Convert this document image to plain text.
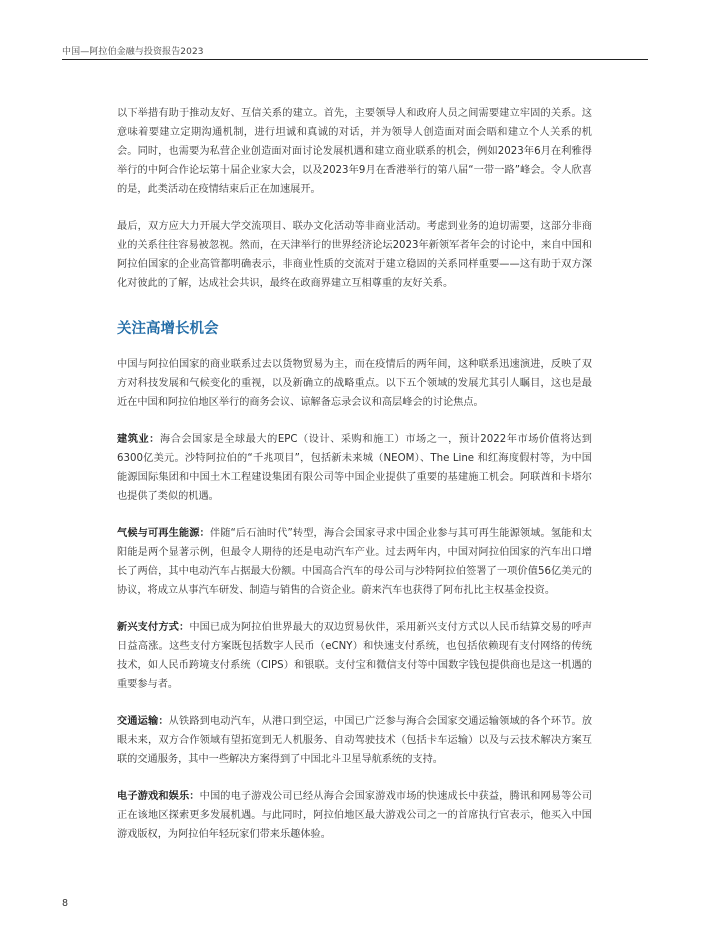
中国—阿拉伯金融与投资报告2023

以下举措有助于推动友好、互信关系的建立。首先，主要领导人和政府人员之间需要建立牢固的关系。这意味着要建立定期沟通机制，进行坦诚和真诚的对话，并为领导人创造面对面会晤和建立个人关系的机会。同时，也需要为私营企业创造面对面讨论发展机遇和建立商业联系的机会，例如2023年6月在利雅得举行的中阿合作论坛第十届企业家大会，以及2023年9月在香港举行的第八届“一带一路”峰会。令人欣喜的是，此类活动在疫情结束后正在加速展开。

最后，双方应大力开展大学交流项目、联办文化活动等非商业活动。考虑到业务的迫切需要，这部分非商业的关系往往容易被忽视。然而，在天津举行的世界经济论坛2023年新领军者年会的讨论中，来自中国和阿拉伯国家的企业高管都明确表示，非商业性质的交流对于建立稳固的关系同样重要——这有助于双方深化对彼此的了解，达成社会共识，最终在政商界建立互相尊重的友好关系。

关注高增长机会

中国与阿拉伯国家的商业联系过去以货物贸易为主，而在疫情后的两年间，这种联系迅速演进，反映了双方对科技发展和气候变化的重视，以及新确立的战略重点。以下五个领域的发展尤其引人瞩目，这也是最近在中国和阿拉伯地区举行的商务会议、谅解备忘录会议和高层峰会的讨论焦点。

建筑业：海合会国家是全球最大的EPC（设计、采购和施工）市场之一，预计2022年市场价值将达到6300亿美元。沙特阿拉伯的“千兆项目”，包括新未来城（NEOM）、The Line 和红海度假村等，为中国能源国际集团和中国土木工程建设集团有限公司等中国企业提供了重要的基建施工机会。阿联酋和卡塔尔也提供了类似的机遇。

气候与可再生能源：伴随“后石油时代”转型，海合会国家寻求中国企业参与其可再生能源领域。氢能和太阳能是两个显著示例，但最令人期待的还是电动汽车产业。过去两年内，中国对阿拉伯国家的汽车出口增长了两倍，其中电动汽车占据最大份额。中国高合汽车的母公司与沙特阿拉伯签署了一项价值56亿美元的协议，将成立从事汽车研发、制造与销售的合资企业。蔚来汽车也获得了阿布扎比主权基金投资。

新兴支付方式：中国已成为阿拉伯世界最大的双边贸易伙伴，采用新兴支付方式以人民币结算交易的呼声日益高涨。这些支付方案既包括数字人民币（eCNY）和快速支付系统，也包括依赖现有支付网络的传统技术，如人民币跨境支付系统（CIPS）和银联。支付宝和微信支付等中国数字钱包提供商也是这一机遇的重要参与者。

交通运输：从铁路到电动汽车，从港口到空运，中国已广泛参与海合会国家交通运输领域的各个环节。放眼未来，双方合作领域有望拓宽到无人机服务、自动驾驶技术（包括卡车运输）以及与云技术解决方案互联的交通服务，其中一些解决方案得到了中国北斗卫星导航系统的支持。

电子游戏和娱乐：中国的电子游戏公司已经从海合会国家游戏市场的快速成长中获益，腾讯和网易等公司正在该地区探索更多发展机遇。与此同时，阿拉伯地区最大游戏公司之一的首席执行官表示，他买入中国游戏版权，为阿拉伯年轻玩家们带来乐趣体验。

8
